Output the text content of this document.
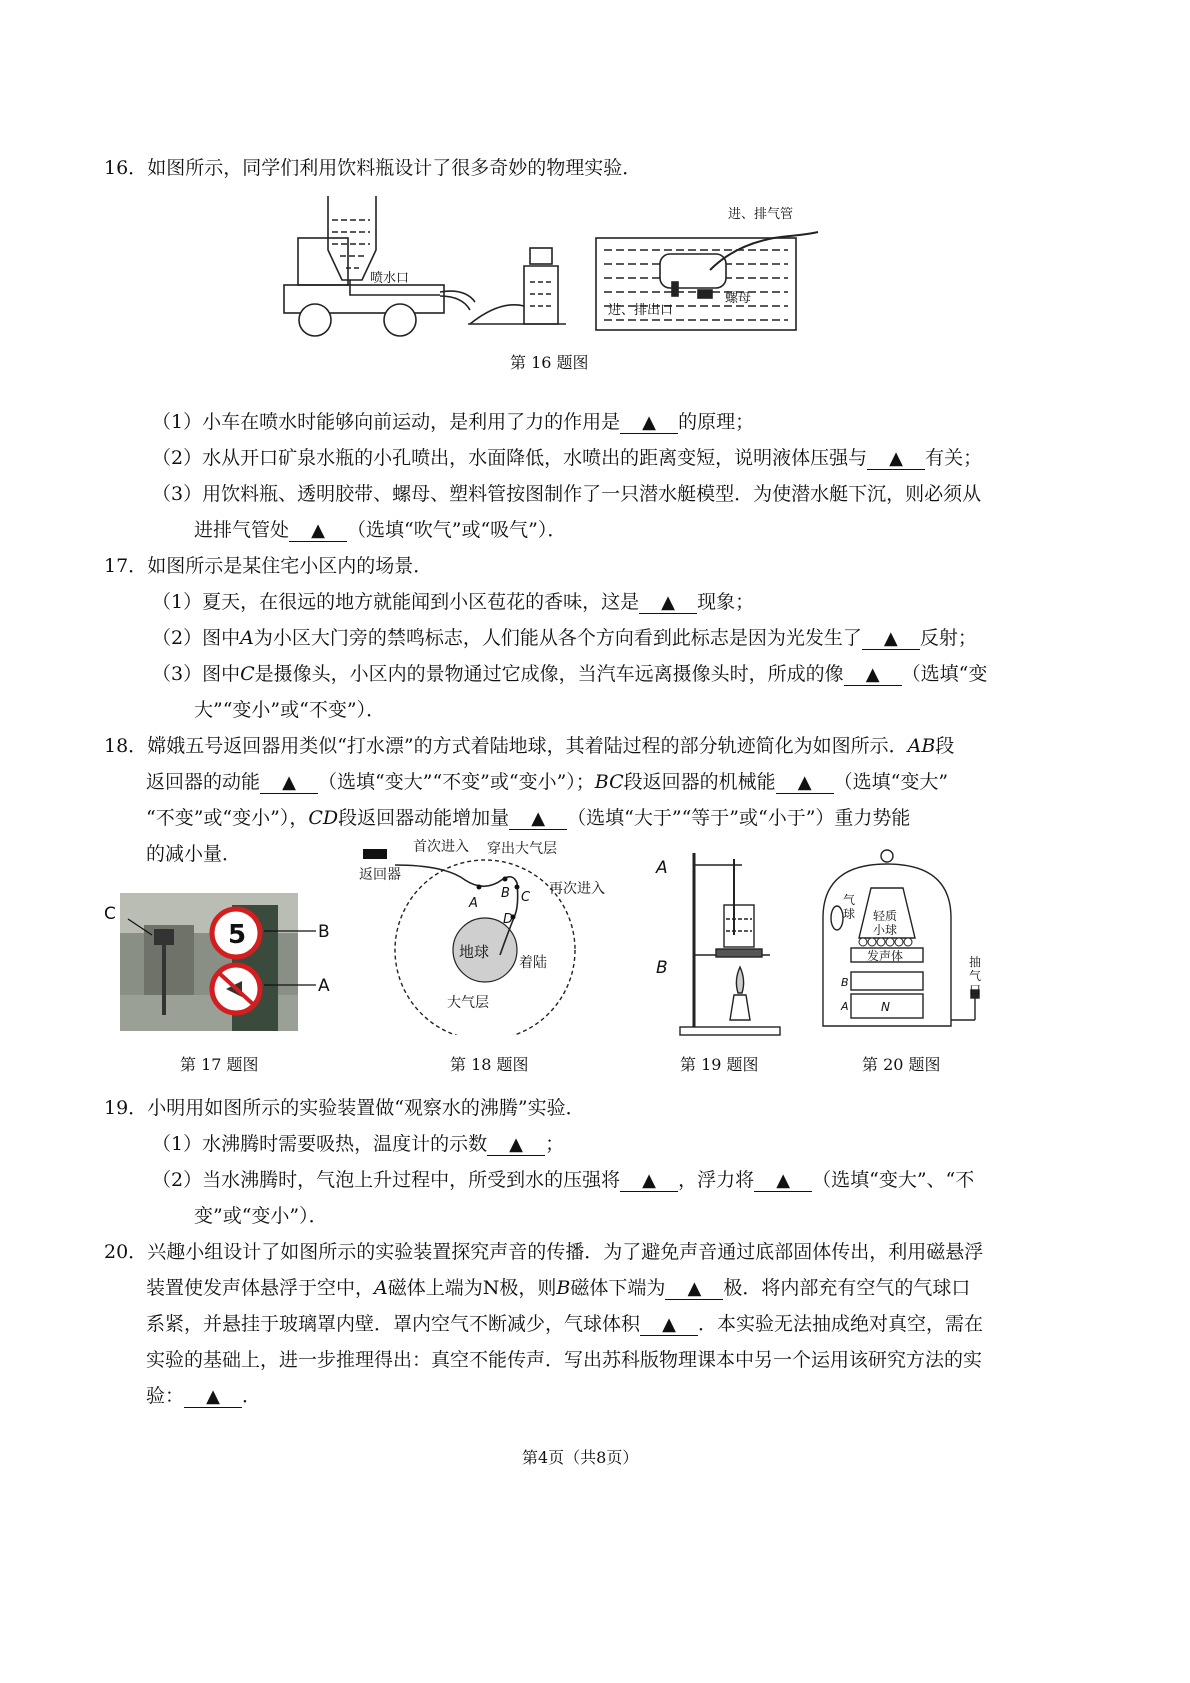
16．如图所示，同学们利用饮料瓶设计了很多奇妙的物理实验．
喷水口
进、排气管
螺母
进、排出口
第 16 题图
（1）小车在喷水时能够向前运动，是利用了力的作用是 ▲ 的原理；
（2）水从开口矿泉水瓶的小孔喷出，水面降低，水喷出的距离变短，说明液体压强与 ▲ 有关；
（3）用饮料瓶、透明胶带、螺母、塑料管按图制作了一只潜水艇模型．为使潜水艇下沉，则必须从
进排气管处 ▲ （选填“吹气”或“吸气”）．
17．如图所示是某住宅小区内的场景．
（1）夏天，在很远的地方就能闻到小区苞花的香味，这是 ▲ 现象；
（2）图中A为小区大门旁的禁鸣标志，人们能从各个方向看到此标志是因为光发生了 ▲ 反射；
（3）图中C是摄像头，小区内的景物通过它成像，当汽车远离摄像头时，所成的像 ▲ （选填“变
大”“变小”或“不变”）．
18．嫦娥五号返回器用类似“打水漂”的方式着陆地球，其着陆过程的部分轨迹简化为如图所示．AB段
返回器的动能 ▲ （选填“变大”“不变”或“变小”）；BC段返回器的机械能 ▲ （选填“变大”
“不变”或“变小”），CD段返回器动能增加量 ▲ （选填“大于”“等于”或“小于”）重力势能
的减小量．
5
C
B
A
第 17 题图
首次进入 穿出大气层
返回器
再次进入
地球
着陆
大气层
A
B C
D
第 18 题图
A
B
第 19 题图
气
球 轻质
小球
发声体
B
A	N
抽
气
口
第 20 题图
19．小明用如图所示的实验装置做“观察水的沸腾”实验．
（1）水沸腾时需要吸热，温度计的示数 ▲ ；
（2）当水沸腾时，气泡上升过程中，所受到水的压强将 ▲ ，浮力将 ▲ （选填“变大”、“不
变”或“变小”）．
20．兴趣小组设计了如图所示的实验装置探究声音的传播．为了避免声音通过底部固体传出，利用磁悬浮
装置使发声体悬浮于空中，A磁体上端为N极，则B磁体下端为 ▲ 极．将内部充有空气的气球口
系紧，并悬挂于玻璃罩内壁．罩内空气不断减少，气球体积 ▲ ．本实验无法抽成绝对真空，需在
实验的基础上，进一步推理得出：真空不能传声．写出苏科版物理课本中另一个运用该研究方法的实
验： ▲ ．
第4页（共8页）
